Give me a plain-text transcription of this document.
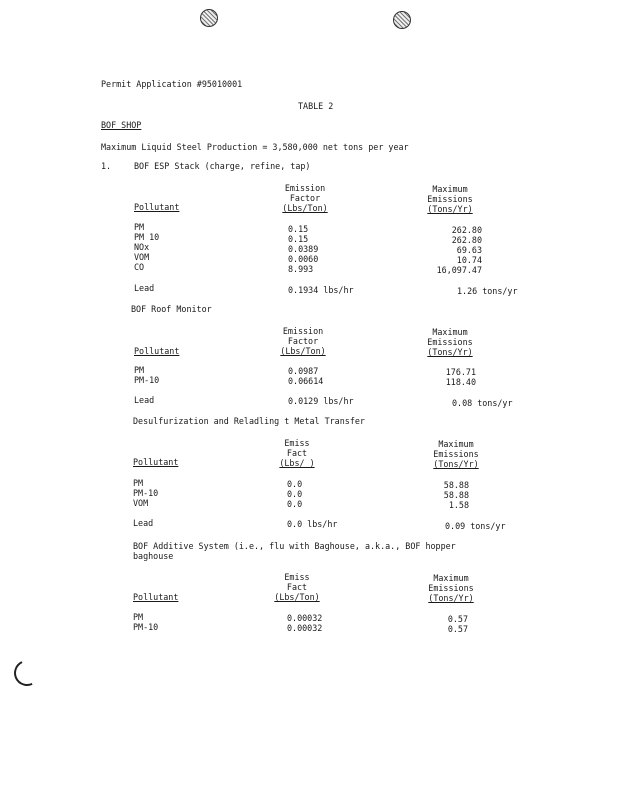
Permit Application #95010001
TABLE 2
BOF SHOP
Maximum Liquid Steel Production = 3,580,000 net tons per year
1.	BOF ESP Stack (charge, refine, tap)
Emission
Factor
(Lbs/Ton)
Maximum
Emissions
(Tons/Yr)
Pollutant
PM	0.15	262.80
PM 10	0.15	262.80
NOx	0.0389	69.63
VOM	0.0060	10.74
CO	8.993	16,097.47
Lead	0.1934 lbs/hr	1.26 tons/yr
BOF Roof Monitor
Emission
Factor
(Lbs/Ton)
Maximum
Emissions
(Tons/Yr)
Pollutant
PM	0.0987	176.71
PM-10	0.06614	118.40
Lead	0.0129 lbs/hr	0.08 tons/yr
Desulfurization and Reladling t Metal Transfer
Emiss
Fact
(Lbs/ )
Maximum
Emissions
(Tons/Yr)
Pollutant
PM	0.0	58.88
PM-10	0.0	58.88
VOM	0.0	1.58
Lead	0.0 lbs/hr	0.09 tons/yr
BOF Additive System (i.e., flu with Baghouse, a.k.a., BOF hopper
baghouse
Emiss
Fact
(Lbs/Ton)
Maximum
Emissions
(Tons/Yr)
Pollutant
PM	0.00032	0.57
PM-10	0.00032	0.57
